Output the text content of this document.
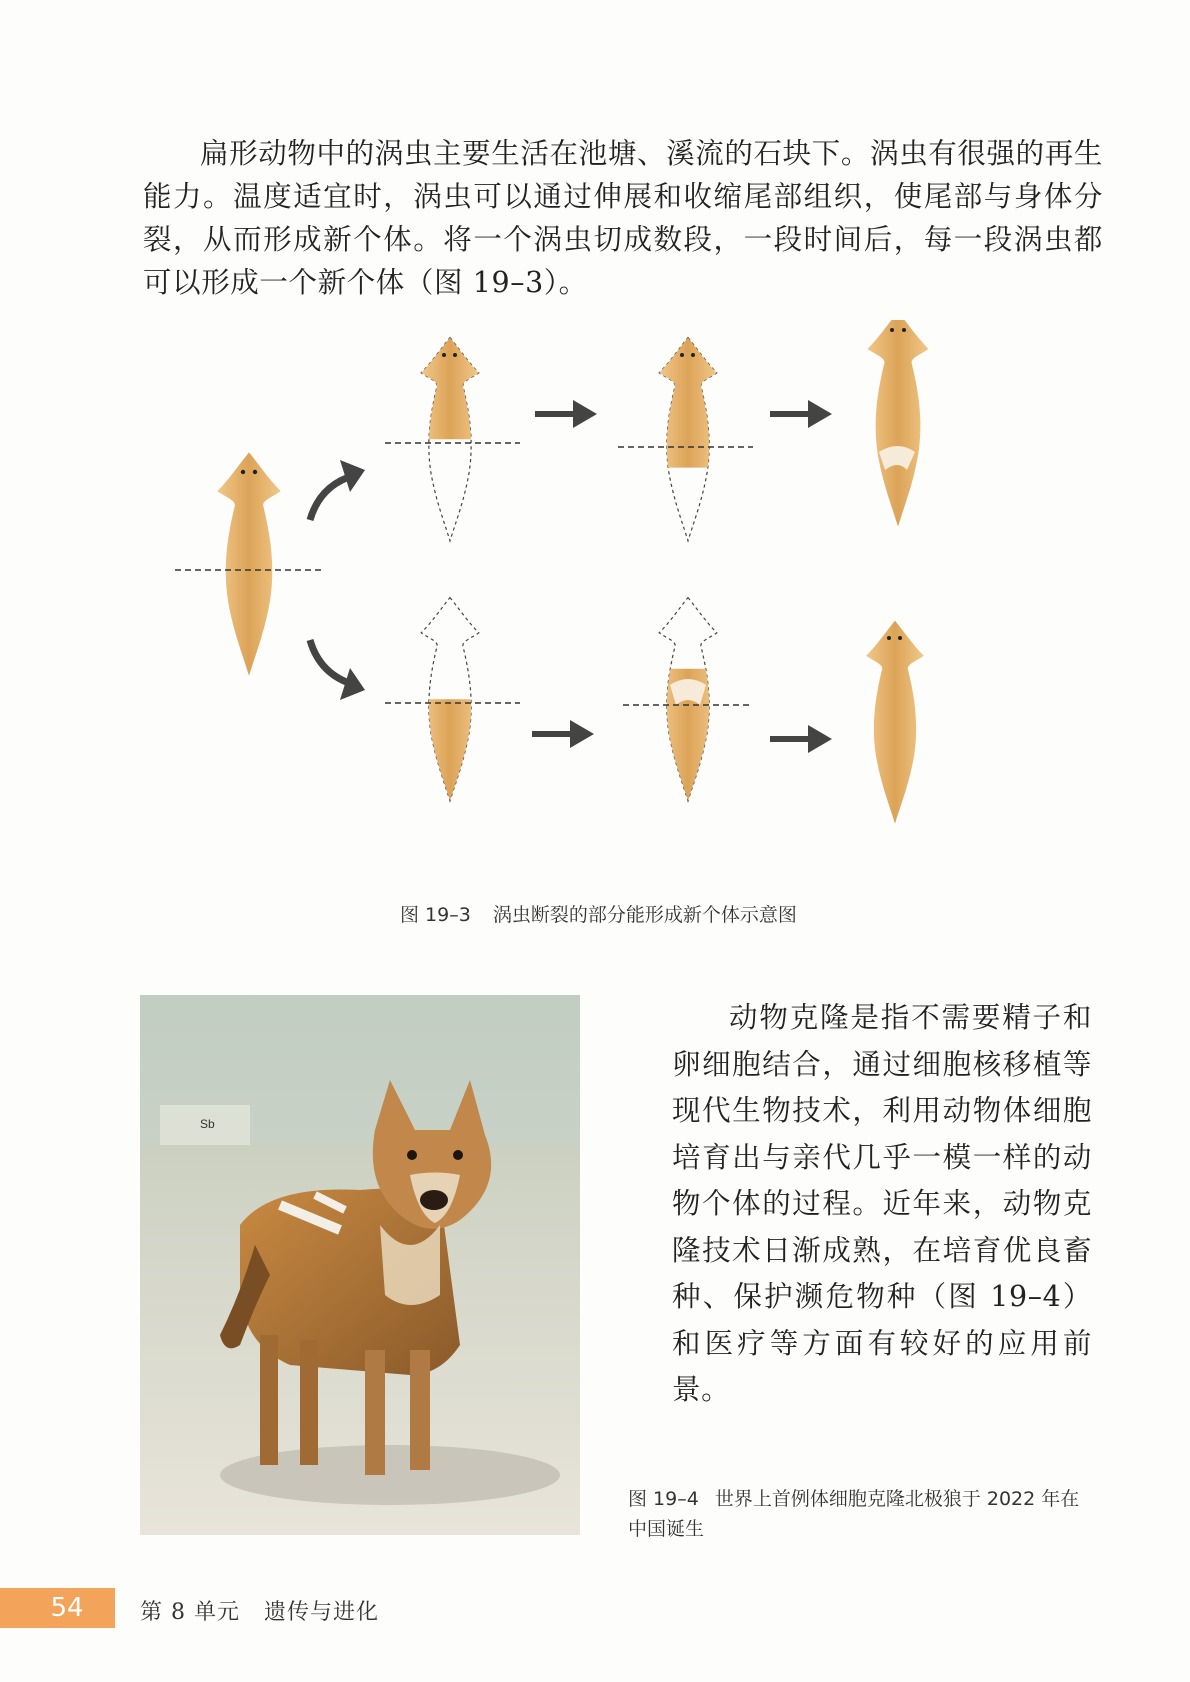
扁形动物中的涡虫主要生活在池塘、溪流的石块下。涡虫有很强的再生能力。温度适宜时，涡虫可以通过伸展和收缩尾部组织，使尾部与身体分裂，从而形成新个体。将一个涡虫切成数段，一段时间后，每一段涡虫都可以形成一个新个体（图 19–3）。

图 19–3 涡虫断裂的部分能形成新个体示意图
Sb

动物克隆是指不需要精子和卵细胞结合，通过细胞核移植等现代生物技术，利用动物体细胞培育出与亲代几乎一模一样的动物个体的过程。近年来，动物克隆技术日渐成熟，在培育优良畜种、保护濒危物种（图 19–4）和医疗等方面有较好的应用前景。

图 19–4 世界上首例体细胞克隆北极狼于 2022 年在中国诞生
54	第 8 单元 遗传与进化
